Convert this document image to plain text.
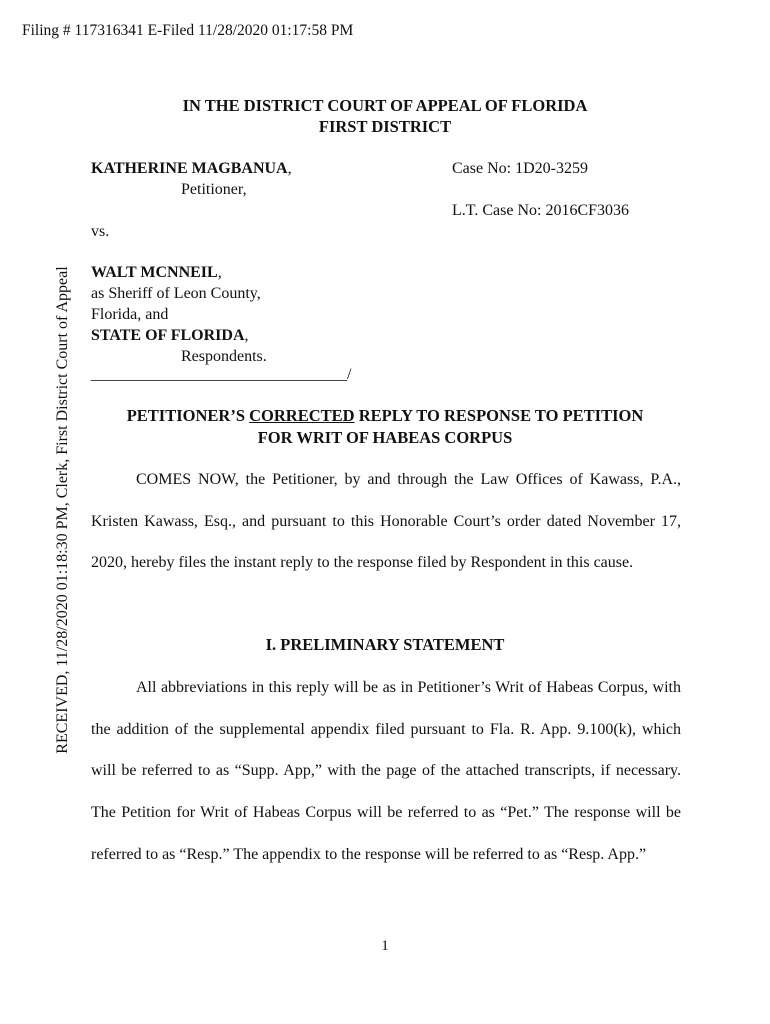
Filing # 117316341 E-Filed 11/28/2020 01:17:58 PM
RECEIVED, 11/28/2020 01:18:30 PM, Clerk, First District Court of Appeal
IN THE DISTRICT COURT OF APPEAL OF FLORIDA
FIRST DISTRICT
KATHERINE MAGBANUA,
Petitioner,
Case No: 1D20-3259
L.T. Case No: 2016CF3036
vs.
WALT MCNNEIL,
as Sheriff of Leon County,
Florida, and
STATE OF FLORIDA,
Respondents.
________________________________/
PETITIONER’S CORRECTED REPLY TO RESPONSE TO PETITION
FOR WRIT OF HABEAS CORPUS

COMES NOW, the Petitioner, by and through the Law Offices of Kawass, P.A., Kristen Kawass, Esq., and pursuant to this Honorable Court’s order dated November 17, 2020, hereby files the instant reply to the response filed by Respondent in this cause.

I. PRELIMINARY STATEMENT

All abbreviations in this reply will be as in Petitioner’s Writ of Habeas Corpus, with the addition of the supplemental appendix filed pursuant to Fla. R. App. 9.100(k), which will be referred to as “Supp. App,” with the page of the attached transcripts, if necessary. The Petition for Writ of Habeas Corpus will be referred to as “Pet.” The response will be referred to as “Resp.” The appendix to the response will be referred to as “Resp. App.”

1
